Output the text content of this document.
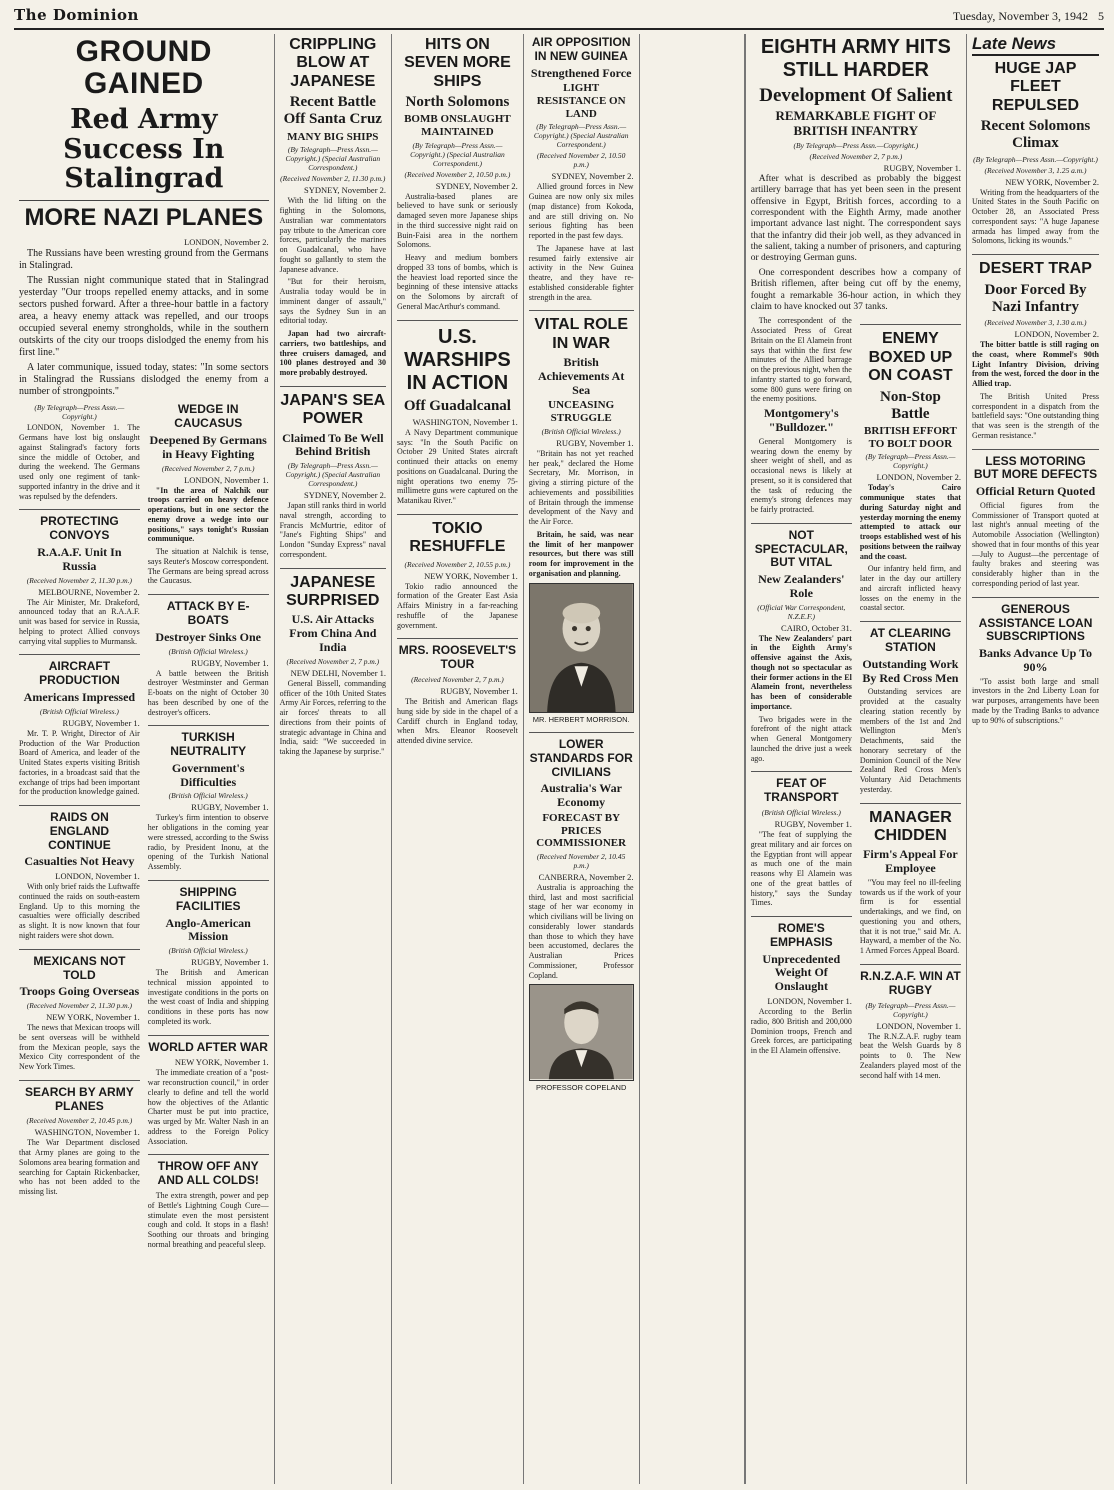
The Dominion	Tuesday, November 3, 1942 5
GROUND GAINED
Red Army Success In Stalingrad
MORE NAZI PLANES
LONDON, November 2.

The Russians have been wresting ground from the Germans in Stalingrad.

The Russian night communique stated that in Stalingrad yesterday "Our troops repelled enemy attacks, and in some sectors pushed forward. After a three-hour battle in a factory area, a heavy enemy attack was repelled, and our troops occupied several enemy strongholds, while in the southern outskirts of the city our troops dislodged the enemy from his first line."

A later communique, issued today, states: "In some sectors in Stalingrad the Russians dislodged the enemy from a number of strongpoints."

(By Telegraph—Press Assn.—Copyright.)

LONDON, November 1. The Germans have lost big onslaught against Stalingrad's factory forts since the middle of October, and during the weekend. The Germans used only one regiment of tank-supported infantry in the drive and it was repulsed by the defenders.

PROTECTING CONVOYS
R.A.A.F. Unit In Russia
(Received November 2, 11.30 p.m.)
MELBOURNE, November 2.

The Air Minister, Mr. Drakeford, announced today that an R.A.A.F. unit was based for service in Russia, helping to protect Allied convoys carrying vital supplies to Murmansk.

AIRCRAFT PRODUCTION
Americans Impressed
(British Official Wireless.)
RUGBY, November 1.

Mr. T. P. Wright, Director of Air Production of the War Production Board of America, and leader of the United States experts visiting British factories, in a broadcast said that the exchange of trips had been important for the production knowledge gained.

RAIDS ON ENGLAND CONTINUE
Casualties Not Heavy
LONDON, November 1.

With only brief raids the Luftwaffe continued the raids on south-eastern England. Up to this morning the casualties were officially described as slight. It is now known that four night raiders were shot down.

MEXICANS NOT TOLD
Troops Going Overseas
(Received November 2, 11.30 p.m.)
NEW YORK, November 1.

The news that Mexican troops will be sent overseas will be withheld from the Mexican people, says the Mexico City correspondent of the New York Times.

SEARCH BY ARMY PLANES
(Received November 2, 10.45 p.m.)
WASHINGTON, November 1.

The War Department disclosed that Army planes are going to the Solomons area bearing formation and searching for Captain Rickenbacker, who has not been added to the missing list.

WEDGE IN CAUCASUS
Deepened By Germans in Heavy Fighting
(Received November 2, 7 p.m.)
LONDON, November 1.

"In the area of Nalchik our troops carried on heavy defence operations, but in one sector the enemy drove a wedge into our positions," says tonight's Russian communique.

The situation at Nalchik is tense, says Reuter's Moscow correspondent. The Germans are being spread across the Caucasus.

ATTACK BY E-BOATS
Destroyer Sinks One
(British Official Wireless.)
RUGBY, November 1.

A battle between the British destroyer Westminster and German E-boats on the night of October 30 has been described by one of the destroyer's officers.

TURKISH NEUTRALITY
Government's Difficulties
(British Official Wireless.)
RUGBY, November 1.

Turkey's firm intention to observe her obligations in the coming year were stressed, according to the Swiss radio, by President Inonu, at the opening of the Turkish National Assembly.

SHIPPING FACILITIES
Anglo-American Mission
(British Official Wireless.)
RUGBY, November 1.

The British and American technical mission appointed to investigate conditions in the ports on the west coast of India and shipping conditions in these ports has now completed its work.

WORLD AFTER WAR
NEW YORK, November 1.

The immediate creation of a "post-war reconstruction council," in order clearly to define and tell the world how the objectives of the Atlantic Charter must be put into practice, was urged by Mr. Walter Nash in an address to the Foreign Policy Association.

THROW OFF ANY AND ALL COLDS!

The extra strength, power and pep of Bettle's Lightning Cough Cure—stimulate even the most persistent cough and cold. It stops in a flash! Soothing our throats and bringing normal breathing and peaceful sleep.

CRIPPLING BLOW AT JAPANESE
Recent Battle Off Santa Cruz
MANY BIG SHIPS
(By Telegraph—Press Assn.—Copyright.) (Special Australian Correspondent.)
(Received November 2, 11.30 p.m.)
SYDNEY, November 2.

With the lid lifting on the fighting in the Solomons, Australian war commentators pay tribute to the American core forces, particularly the marines on Guadalcanal, who have fought so gallantly to stem the Japanese advance.

"But for their heroism, Australia today would be in imminent danger of assault," says the Sydney Sun in an editorial today.

Japan had two aircraft-carriers, two battleships, and three cruisers damaged, and 100 planes destroyed and 30 more probably destroyed.

JAPAN'S SEA POWER
Claimed To Be Well Behind British
(By Telegraph—Press Assn.—Copyright.) (Special Australian Correspondent.)
SYDNEY, November 2.

Japan still ranks third in world naval strength, according to Francis McMurtrie, editor of "Jane's Fighting Ships" and London "Sunday Express" naval correspondent.

JAPANESE SURPRISED
U.S. Air Attacks From China And India
(Received November 2, 7 p.m.)
NEW DELHI, November 1.

General Bissell, commanding officer of the 10th United States Army Air Forces, referring to the air forces' threats to all directions from their points of strategic advantage in China and India, said: "We succeeded in taking the Japanese by surprise."

HITS ON SEVEN MORE SHIPS
North Solomons
BOMB ONSLAUGHT MAINTAINED
(By Telegraph—Press Assn.—Copyright.) (Special Australian Correspondent.)
(Received November 2, 10.50 p.m.)
SYDNEY, November 2.

Australia-based planes are believed to have sunk or seriously damaged seven more Japanese ships in the third successive night raid on Buin-Faisi area in the northern Solomons.

Heavy and medium bombers dropped 33 tons of bombs, which is the heaviest load reported since the beginning of these intensive attacks on the Solomons by aircraft of General MacArthur's command.

U.S. WARSHIPS IN ACTION
Off Guadalcanal
WASHINGTON, November 1.

A Navy Department communique says: "In the South Pacific on October 29 United States aircraft continued their attacks on enemy positions on Guadalcanal. During the night operations two enemy 75-millimetre guns were captured on the Matanikau River."

TOKIO RESHUFFLE
(Received November 2, 10.55 p.m.)
NEW YORK, November 1.

Tokio radio announced the formation of the Greater East Asia Affairs Ministry in a far-reaching reshuffle of the Japanese government.

MRS. ROOSEVELT'S TOUR
(Received November 2, 7 p.m.)
RUGBY, November 1.

The British and American flags hung side by side in the chapel of a Cardiff church in England today, when Mrs. Eleanor Roosevelt attended divine service.

AIR OPPOSITION IN NEW GUINEA
Strengthened Force
LIGHT RESISTANCE ON LAND
(By Telegraph—Press Assn.—Copyright.) (Special Australian Correspondent.)
(Received November 2, 10.50 p.m.)
SYDNEY, November 2.

Allied ground forces in New Guinea are now only six miles (map distance) from Kokoda, and are still driving on. No serious fighting has been reported in the past few days.

The Japanese have at last resumed fairly extensive air activity in the New Guinea theatre, and they have re-established considerable fighter strength in the area.

VITAL ROLE IN WAR
British Achievements At Sea
UNCEASING STRUGGLE
(British Official Wireless.)
RUGBY, November 1.

"Britain has not yet reached her peak," declared the Home Secretary, Mr. Morrison, in giving a stirring picture of the achievements and possibilities of Britain through the immense development of the Navy and the Air Force.

Britain, he said, was near the limit of her manpower resources, but there was still room for improvement in the organisation and planning.

MR. HERBERT MORRISON.
LOWER STANDARDS FOR CIVILIANS
Australia's War Economy
FORECAST BY PRICES COMMISSIONER
(Received November 2, 10.45 p.m.)
CANBERRA, November 2.

Australia is approaching the third, last and most sacrificial stage of her war economy in which civilians will be living on considerably lower standards than those to which they have been accustomed, declares the Australian Prices Commissioner, Professor Copland.

PROFESSOR COPELAND
EIGHTH ARMY HITS STILL HARDER
Development Of Salient
REMARKABLE FIGHT OF BRITISH INFANTRY
(By Telegraph—Press Assn.—Copyright.)
(Received November 2, 7 p.m.)
RUGBY, November 1.

After what is described as probably the biggest artillery barrage that has yet been seen in the present offensive in Egypt, British forces, according to a correspondent with the Eighth Army, made another important advance last night. The correspondent says that the infantry did their job well, as they advanced in the salient, taking a number of prisoners, and capturing or destroying German guns.

One correspondent describes how a company of British riflemen, after being cut off by the enemy, fought a remarkable 36-hour action, in which they claim to have knocked out 37 tanks.

The correspondent of the Associated Press of Great Britain on the El Alamein front says that within the first few minutes of the Allied barrage on the previous night, when the infantry started to go forward, some 800 guns were firing on the enemy positions.

Montgomery's "Bulldozer."

General Montgomery is wearing down the enemy by sheer weight of shell, and as occasional news is likely at present, so it is considered that the task of reducing the enemy's strong defences may be fairly protracted.

NOT SPECTACULAR, BUT VITAL
New Zealanders' Role
(Official War Correspondent, N.Z.E.F.)
CAIRO, October 31.

The New Zealanders' part in the Eighth Army's offensive against the Axis, though not so spectacular as their former actions in the El Alamein front, nevertheless has been of considerable importance.

Two brigades were in the forefront of the night attack when General Montgomery launched the drive just a week ago.

FEAT OF TRANSPORT
(British Official Wireless.)
RUGBY, November 1.

"The feat of supplying the great military and air forces on the Egyptian front will appear as much one of the main reasons why El Alamein was one of the great battles of history," says the Sunday Times.

ROME'S EMPHASIS
Unprecedented Weight Of Onslaught
LONDON, November 1.

According to the Berlin radio, 800 British and 200,000 Dominion troops, French and Greek forces, are participating in the El Alamein offensive.

ENEMY BOXED UP ON COAST
Non-Stop Battle
BRITISH EFFORT TO BOLT DOOR
(By Telegraph—Press Assn.—Copyright.)
LONDON, November 2.

Today's Cairo communique states that during Saturday night and yesterday morning the enemy attempted to attack our troops established west of his positions between the railway and the coast.

Our infantry held firm, and later in the day our artillery and aircraft inflicted heavy losses on the enemy in the coastal sector.

AT CLEARING STATION
Outstanding Work By Red Cross Men

Outstanding services are provided at the casualty clearing station recently by members of the 1st and 2nd Wellington Men's Detachments, said the honorary secretary of the Dominion Council of the New Zealand Red Cross Men's Voluntary Aid Detachments yesterday.

MANAGER CHIDDEN
Firm's Appeal For Employee

"You may feel no ill-feeling towards us if the work of your firm is for essential undertakings, and we find, on questioning you and others, that it is not true," said Mr. A. Hayward, a member of the No. 1 Armed Forces Appeal Board.

R.N.Z.A.F. WIN AT RUGBY
(By Telegraph—Press Assn.—Copyright.)
LONDON, November 1.

The R.N.Z.A.F. rugby team beat the Welsh Guards by 8 points to 0. The New Zealanders played most of the second half with 14 men.

Late News
HUGE JAP FLEET REPULSED
Recent Solomons Climax
(By Telegraph—Press Assn.—Copyright.)
(Received November 3, 1.25 a.m.)
NEW YORK, November 2.

Writing from the headquarters of the United States in the South Pacific on October 28, an Associated Press correspondent says: "A huge Japanese armada has limped away from the Solomons, licking its wounds."

DESERT TRAP
Door Forced By Nazi Infantry
(Received November 3, 1.30 a.m.)
LONDON, November 2.

The bitter battle is still raging on the coast, where Rommel's 90th Light Infantry Division, driving from the west, forced the door in the Allied trap.

The British United Press correspondent in a dispatch from the battlefield says: "One outstanding thing that was seen is the strength of the German resistance."

LESS MOTORING BUT MORE DEFECTS
Official Return Quoted

Official figures from the Commissioner of Transport quoted at last night's annual meeting of the Automobile Association (Wellington) showed that in four months of this year—July to August—the percentage of faulty brakes and steering was considerably higher than in the corresponding period of last year.

GENEROUS ASSISTANCE LOAN SUBSCRIPTIONS
Banks Advance Up To 90%

"To assist both large and small investors in the 2nd Liberty Loan for war purposes, arrangements have been made by the Trading Banks to advance up to 90% of subscriptions."
